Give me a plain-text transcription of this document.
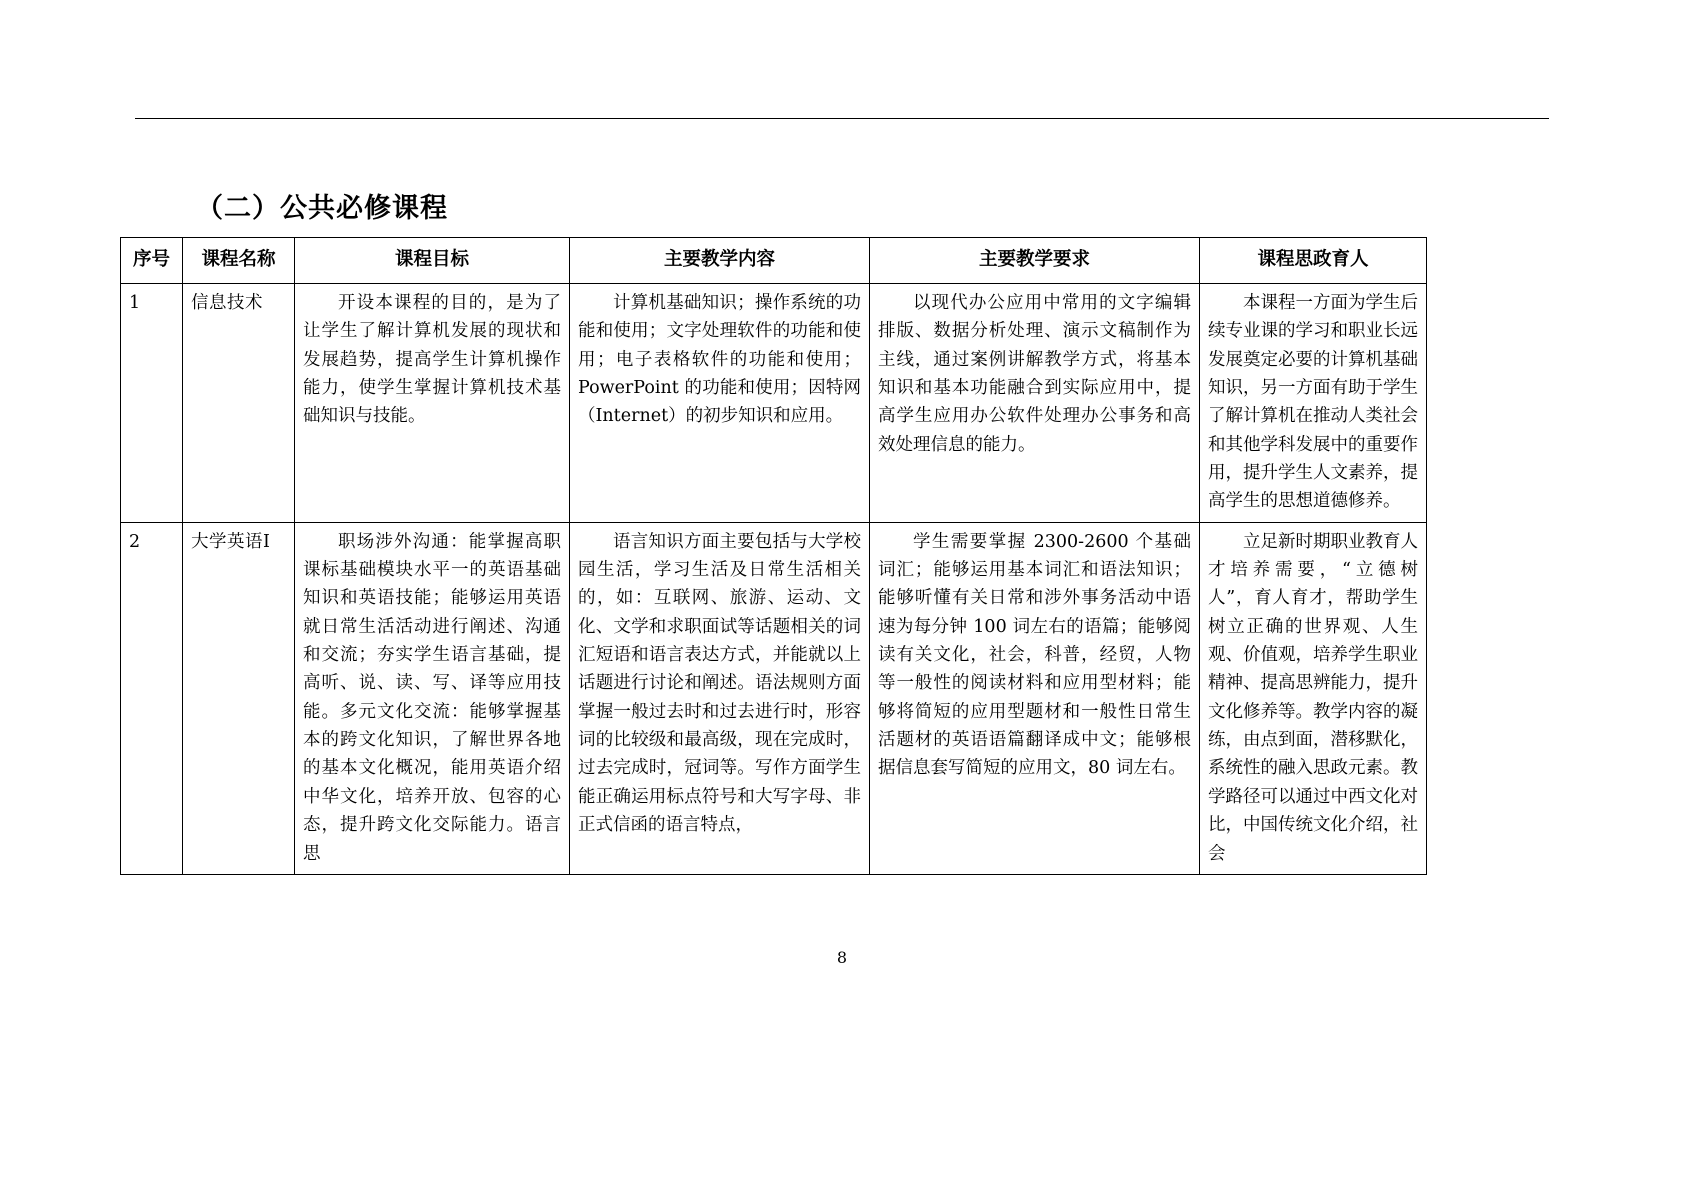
（二）公共必修课程
序号	课程名称	课程目标	主要教学内容	主要教学要求	课程思政育人
1	信息技术	开设本课程的目的，是为了让学生了解计算机发展的现状和发展趋势，提高学生计算机操作能力，使学生掌握计算机技术基础知识与技能。	计算机基础知识；操作系统的功能和使用；文字处理软件的功能和使用；电子表格软件的功能和使用；PowerPoint 的功能和使用；因特网（Internet）的初步知识和应用。	以现代办公应用中常用的文字编辑排版、数据分析处理、演示文稿制作为主线，通过案例讲解教学方式，将基本知识和基本功能融合到实际应用中，提高学生应用办公软件处理办公事务和高效处理信息的能力。	本课程一方面为学生后续专业课的学习和职业长远发展奠定必要的计算机基础知识，另一方面有助于学生了解计算机在推动人类社会和其他学科发展中的重要作用，提升学生人文素养，提高学生的思想道德修养。

2	大学英语Ⅰ	职场涉外沟通：能掌握高职课标基础模块水平一的英语基础知识和英语技能；能够运用英语就日常生活活动进行阐述、沟通和交流；夯实学生语言基础，提高听、说、读、写、译等应用技能。多元文化交流：能够掌握基本的跨文化知识，了解世界各地的基本文化概况，能用英语介绍中华文化，培养开放、包容的心态，提升跨文化交际能力。语言思	语言知识方面主要包括与大学校园生活，学习生活及日常生活相关的，如：互联网、旅游、运动、文化、文学和求职面试等话题相关的词汇短语和语言表达方式，并能就以上话题进行讨论和阐述。语法规则方面掌握一般过去时和过去进行时，形容词的比较级和最高级，现在完成时，过去完成时，冠词等。写作方面学生能正确运用标点符号和大写字母、非正式信函的语言特点，	学生需要掌握 2300-2600 个基础词汇；能够运用基本词汇和语法知识；能够听懂有关日常和涉外事务活动中语速为每分钟 100 词左右的语篇；能够阅读有关文化，社会，科普，经贸，人物等一般性的阅读材料和应用型材料；能够将简短的应用型题材和一般性日常生活题材的英语语篇翻译成中文；能够根据信息套写简短的应用文，80 词左右。	立足新时期职业教育人才培养需要，“立德树人”，育人育才，帮助学生树立正确的世界观、人生观、价值观，培养学生职业精神、提高思辨能力，提升文化修养等。教学内容的凝练，由点到面，潜移默化，系统性的融入思政元素。教学路径可以通过中西文化对比，中国传统文化介绍，社会
8
